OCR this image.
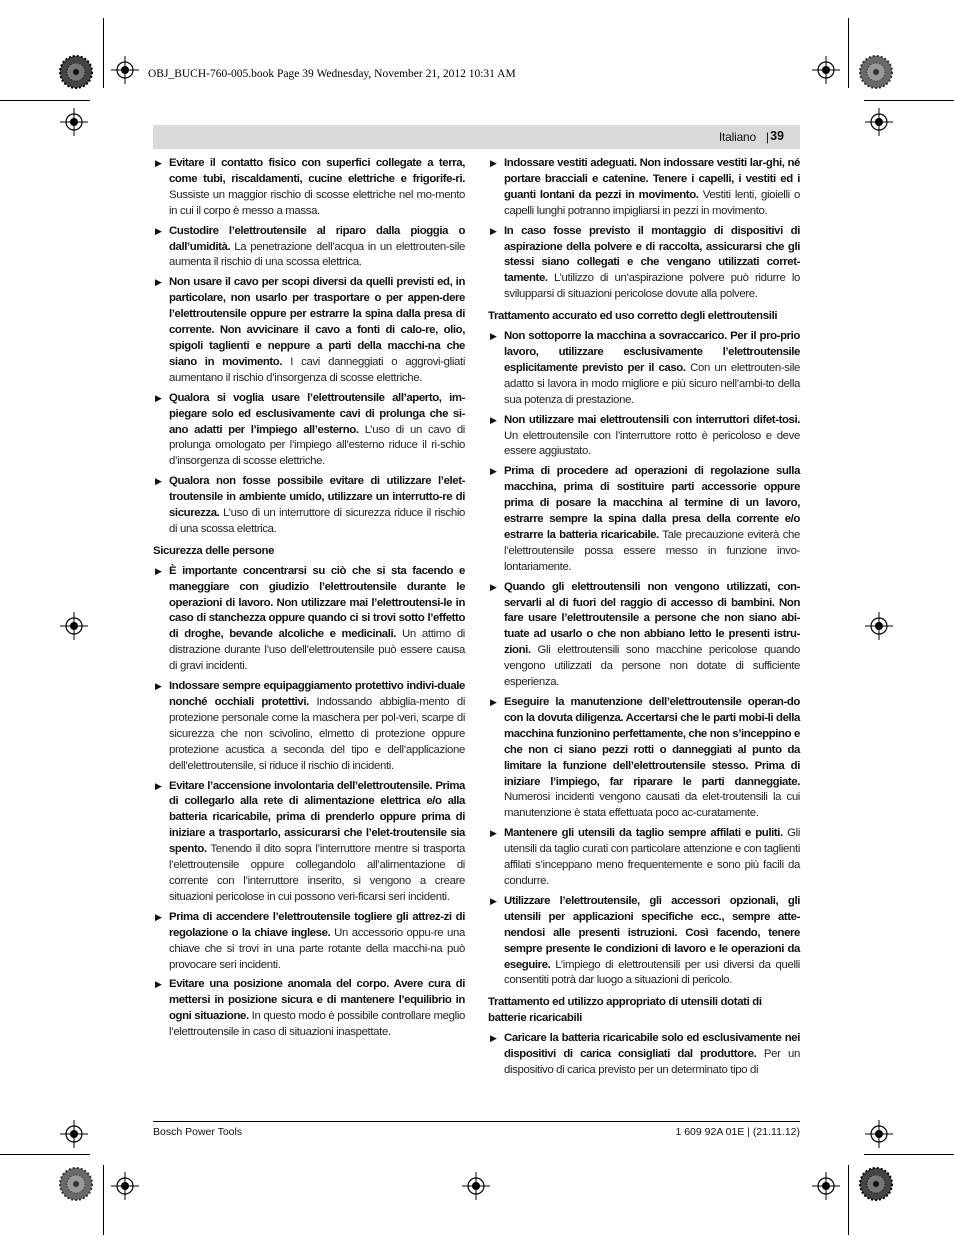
OBJ_BUCH-760-005.book Page 39 Wednesday, November 21, 2012 10:31 AM
Italiano | 39
▶ Evitare il contatto fisico con superfici collegate a terra, come tubi, riscaldamenti, cucine elettriche e frigorife-ri. Sussiste un maggior rischio di scosse elettriche nel mo-mento in cui il corpo è messo a massa.
▶ Custodire l’elettroutensile al riparo dalla pioggia o dall’umidità. La penetrazione dell’acqua in un elettrouten-sile aumenta il rischio di una scossa elettrica.
▶ Non usare il cavo per scopi diversi da quelli previsti ed, in particolare, non usarlo per trasportare o per appen-dere l’elettroutensile oppure per estrarre la spina dalla presa di corrente. Non avvicinare il cavo a fonti di calo-re, olio, spigoli taglienti e neppure a parti della macchi-na che siano in movimento. I cavi danneggiati o aggrovi-gliati aumentano il rischio d’insorgenza di scosse elettriche.
▶ Qualora si voglia usare l’elettroutensile all’aperto, im-piegare solo ed esclusivamente cavi di prolunga che si-ano adatti per l’impiego all’esterno. L’uso di un cavo di prolunga omologato per l’impiego all’esterno riduce il ri-schio d’insorgenza di scosse elettriche.
▶ Qualora non fosse possibile evitare di utilizzare l’elet-troutensile in ambiente umido, utilizzare un interrutto-re di sicurezza. L’uso di un interruttore di sicurezza riduce il rischio di una scossa elettrica.
Sicurezza delle persone
▶ È importante concentrarsi su ciò che si sta facendo e maneggiare con giudizio l’elettroutensile durante le operazioni di lavoro. Non utilizzare mai l’elettroutensi-le in caso di stanchezza oppure quando ci si trovi sotto l’effetto di droghe, bevande alcoliche e medicinali. Un attimo di distrazione durante l’uso dell’elettroutensile può essere causa di gravi incidenti.
▶ Indossare sempre equipaggiamento protettivo indivi-duale nonché occhiali protettivi. Indossando abbiglia-mento di protezione personale come la maschera per pol-veri, scarpe di sicurezza che non scivolino, elmetto di protezione oppure protezione acustica a seconda del tipo e dell’applicazione dell’elettroutensile, si riduce il rischio di incidenti.
▶ Evitare l’accensione involontaria dell’elettroutensile. Prima di collegarlo alla rete di alimentazione elettrica e/o alla batteria ricaricabile, prima di prenderlo oppure prima di iniziare a trasportarlo, assicurarsi che l’elet-troutensile sia spento. Tenendo il dito sopra l’interruttore mentre si trasporta l’elettroutensile oppure collegandolo all’alimentazione di corrente con l’interruttore inserito, si vengono a creare situazioni pericolose in cui possono veri-ficarsi seri incidenti.
▶ Prima di accendere l’elettroutensile togliere gli attrez-zi di regolazione o la chiave inglese. Un accessorio oppu-re una chiave che si trovi in una parte rotante della macchi-na può provocare seri incidenti.
▶ Evitare una posizione anomala del corpo. Avere cura di mettersi in posizione sicura e di mantenere l’equilibrio in ogni situazione. In questo modo è possibile controllare meglio l’elettroutensile in caso di situazioni inaspettate.
▶ Indossare vestiti adeguati. Non indossare vestiti lar-ghi, né portare bracciali e catenine. Tenere i capelli, i vestiti ed i guanti lontani da pezzi in movimento. Vestiti lenti, gioielli o capelli lunghi potranno impigliarsi in pezzi in movimento.
▶ In caso fosse previsto il montaggio di dispositivi di aspirazione della polvere e di raccolta, assicurarsi che gli stessi siano collegati e che vengano utilizzati corret-tamente. L’utilizzo di un’aspirazione polvere può ridurre lo svilupparsi di situazioni pericolose dovute alla polvere.
Trattamento accurato ed uso corretto degli elettroutensili
▶ Non sottoporre la macchina a sovraccarico. Per il pro-prio lavoro, utilizzare esclusivamente l’elettroutensile esplicitamente previsto per il caso. Con un elettrouten-sile adatto si lavora in modo migliore e più sicuro nell’ambi-to della sua potenza di prestazione.
▶ Non utilizzare mai elettroutensili con interruttori difet-tosi. Un elettroutensile con l’interruttore rotto è pericoloso e deve essere aggiustato.
▶ Prima di procedere ad operazioni di regolazione sulla macchina, prima di sostituire parti accessorie oppure prima di posare la macchina al termine di un lavoro, estrarre sempre la spina dalla presa della corrente e/o estrarre la batteria ricaricabile. Tale precauzione eviterà che l’elettroutensile possa essere messo in funzione invo-lontariamente.
▶ Quando gli elettroutensili non vengono utilizzati, con-servarli al di fuori del raggio di accesso di bambini. Non fare usare l’elettroutensile a persone che non siano abi-tuate ad usarlo o che non abbiano letto le presenti istru-zioni. Gli elettroutensili sono macchine pericolose quando vengono utilizzati da persone non dotate di sufficiente esperienza.
▶ Eseguire la manutenzione dell’elettroutensile operan-do con la dovuta diligenza. Accertarsi che le parti mobi-li della macchina funzionino perfettamente, che non s’inceppino e che non ci siano pezzi rotti o danneggiati al punto da limitare la funzione dell’elettroutensile stesso. Prima di iniziare l’impiego, far riparare le parti danneggiate. Numerosi incidenti vengono causati da elet-troutensili la cui manutenzione è stata effettuata poco ac-curatamente.
▶ Mantenere gli utensili da taglio sempre affilati e puliti. Gli utensili da taglio curati con particolare attenzione e con taglienti affilati s’inceppano meno frequentemente e sono più facili da condurre.
▶ Utilizzare l’elettroutensile, gli accessori opzionali, gli utensili per applicazioni specifiche ecc., sempre atte-nendosi alle presenti istruzioni. Così facendo, tenere sempre presente le condizioni di lavoro e le operazioni da eseguire. L’impiego di elettroutensili per usi diversi da quelli consentiti potrà dar luogo a situazioni di pericolo.
Trattamento ed utilizzo appropriato di utensili dotati di batterie ricaricabili
▶ Caricare la batteria ricaricabile solo ed esclusivamente nei dispositivi di carica consigliati dal produttore. Per un dispositivo di carica previsto per un determinato tipo di
Bosch Power Tools	1 609 92A 01E | (21.11.12)
